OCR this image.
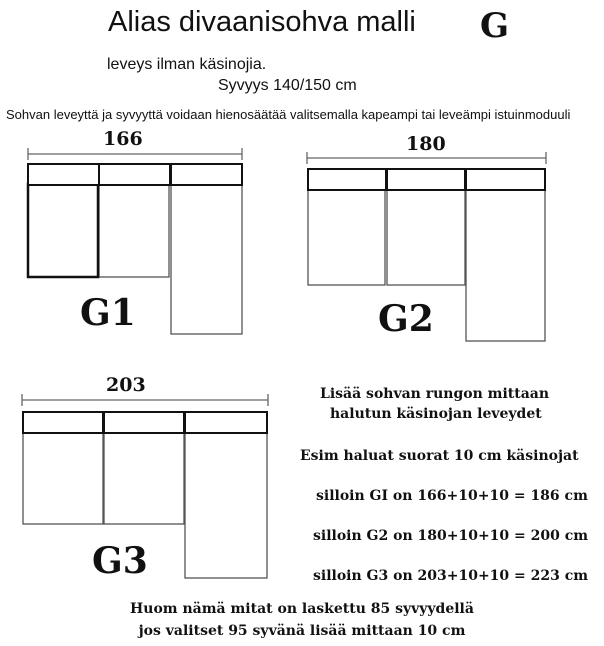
Alias divaanisohva malli G
leveys ilman käsinojia.
Syvyys 140/150 cm
Sohvan leveyttä ja syvyyttä voidaan hienosäätää valitsemalla kapeampi tai leveämpi istuinmoduuli
166
G1
180
G2
203
G3
Lisää sohvan rungon mittaan
halutun käsinojan leveydet
Esim haluat suorat 10 cm käsinojat
silloin GI on 166+10+10 = 186 cm
silloin G2 on 180+10+10 = 200 cm
silloin G3 on 203+10+10 = 223 cm
Huom nämä mitat on laskettu 85 syvyydellä
jos valitset 95 syvänä lisää mittaan 10 cm
